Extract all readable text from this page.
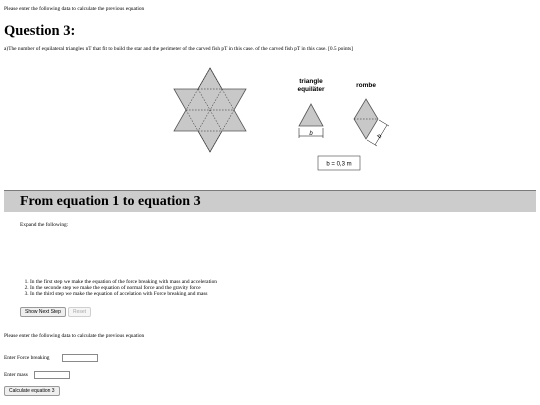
Please enter the following data to calculate the previous equation
Question 3:
a)The number of equilateral triangles nT that fit to build the star and the perimeter of the carved fish pT in this case. of the carved fish pT in this case. [0.5 points]
triangle
equiläter
b
rombe
b
b = 0,3 m
From equation 1 to equation 3
Expand the following:
1. In the first step we make the equation of the force breaking with mass and acceleration
2. In the seconde step we make the equation of normal force and the gravity force
3. In the third step we make the equation of accelation with Force breaking and mass
Show Next Step	Reset
Please enter the following data to calculate the previous equation
Enter Force breaking
Enter mass
Calculate equation 3
